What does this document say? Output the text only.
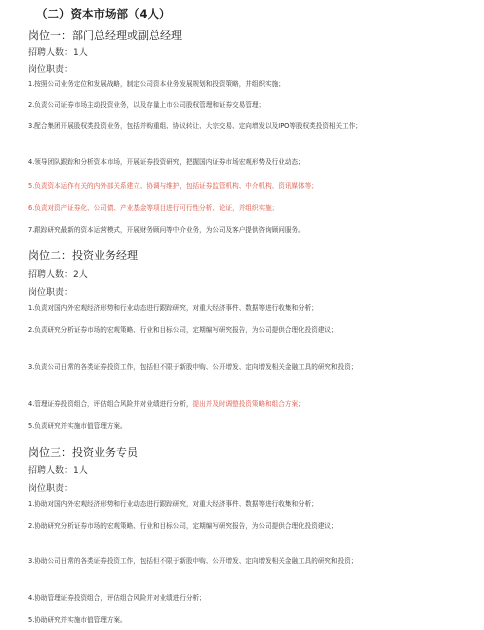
（二）资本市场部（4人）
岗位一：部门总经理或副总经理
招聘人数：1人
岗位职责：
1.按照公司业务定位和发展战略，制定公司资本业务发展规划和投资策略，并组织实施；
2.负责公司证券市场主动投资业务，以及存量上市公司股权管理和证券交易管理；
3.配合集团开展股权类投资业务，包括并购重组、协议转让、大宗交易、定向增发以及IPO等股权类投资相关工作；
4.领导团队跟踪和分析资本市场，开展证券投资研究，把握国内证券市场宏观形势及行业动态；
5.负责资本运作有关的内外部关系建立、协调与维护，包括证券监管机构、中介机构、资讯媒体等；
6.负责对资产证券化、公司债、产业基金等项目进行可行性分析、论证，并组织实施；
7.跟踪研究最新的资本运营模式，开展财务顾问等中介业务，为公司及客户提供咨询顾问服务。
岗位二：投资业务经理
招聘人数：2人
岗位职责：
1.负责对国内外宏观经济形势和行业动态进行跟踪研究，对重大经济事件、数据等进行收集和分析；
2.负责研究分析证券市场的宏观策略、行业和目标公司，定期编写研究报告，为公司提供合理化投资建议；
3.负责公司日常的各类证券投资工作，包括但不限于新股申购、公开增发、定向增发相关金融工具的研究和投资；
4.管理证券投资组合，评估组合风险并对业绩进行分析，提出并及时调整投资策略和组合方案；
5.负责研究并实施市值管理方案。
岗位三：投资业务专员
招聘人数：1人
岗位职责：
1.协助对国内外宏观经济形势和行业动态进行跟踪研究，对重大经济事件、数据等进行收集和分析；
2.协助研究分析证券市场的宏观策略、行业和目标公司，定期编写研究报告，为公司提供合理化投资建议；
3.协助公司日常的各类证券投资工作，包括但不限于新股申购、公开增发、定向增发相关金融工具的研究和投资；
4.协助管理证券投资组合，评估组合风险并对业绩进行分析；
5.协助研究并实施市值管理方案。
